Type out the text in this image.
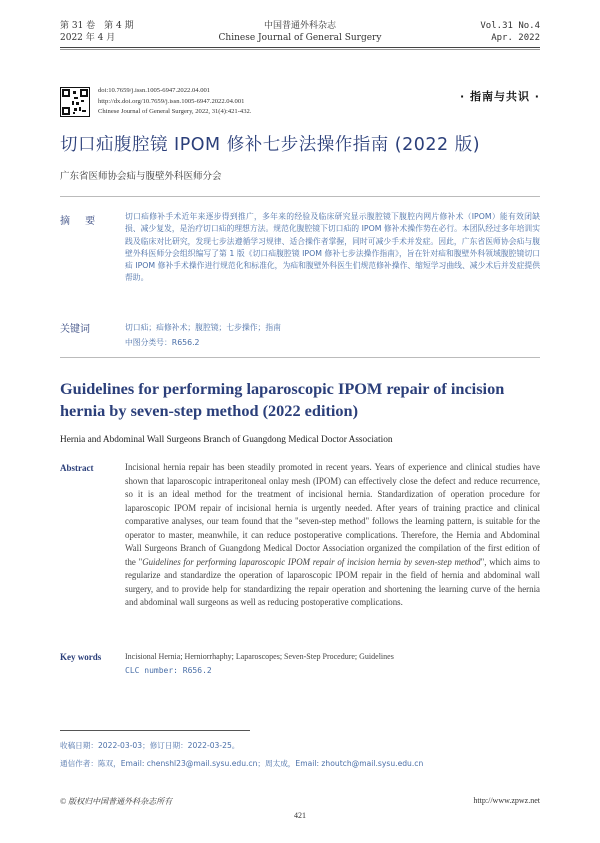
第 31 卷　第 4 期
2022 年 4 月
中国普通外科杂志
Chinese Journal of General Surgery
Vol.31 No.4
Apr. 2022
doi:10.7659/j.issn.1005-6947.2022.04.001
http://dx.doi.org/10.7659/j.issn.1005-6947.2022.04.001
Chinese Journal of General Surgery, 2022, 31(4):421-432.
· 指南与共识 ·
切口疝腹腔镜 IPOM 修补七步法操作指南 (2022 版)
广东省医师协会疝与腹壁外科医师分会
摘 要	切口疝修补手术近年来逐步得到推广，多年来的经验及临床研究显示腹腔镜下腹腔内网片修补术（IPOM）能有效闭缺损、减少复发，是治疗切口疝的理想方法。规范化腹腔镜下切口疝的 IPOM 修补术操作势在必行。本团队经过多年培训实践及临床对比研究，发现七步法遵循学习规律、适合操作者掌握，同时可减少手术并发症。因此，广东省医师协会疝与腹壁外科医师分会组织编写了第 1 版《切口疝腹腔镜 IPOM 修补七步法操作指南》，旨在针对疝和腹壁外科领域腹腔镜切口疝 IPOM 修补手术操作进行规范化和标准化，为疝和腹壁外科医生们规范修补操作、缩短学习曲线、减少术后并发症提供帮助。
关键词	切口疝；疝修补术；腹腔镜；七步操作；指南
中图分类号：R656.2
Guidelines for performing laparoscopic IPOM repair of incision hernia by seven-step method (2022 edition)
Hernia and Abdominal Wall Surgeons Branch of Guangdong Medical Doctor Association
Abstract	Incisional hernia repair has been steadily promoted in recent years. Years of experience and clinical studies have shown that laparoscopic intraperitoneal onlay mesh (IPOM) can effectively close the defect and reduce recurrence, so it is an ideal method for the treatment of incisional hernia. Standardization of operation procedure for laparoscopic IPOM repair of incisional hernia is urgently needed. After years of training practice and clinical comparative analyses, our team found that the "seven-step method" follows the learning pattern, is suitable for the operator to master, meanwhile, it can reduce postoperative complications. Therefore, the Hernia and Abdominal Wall Surgeons Branch of Guangdong Medical Doctor Association organized the compilation of the first edition of the "Guidelines for performing laparoscopic IPOM repair of incision hernia by seven-step method", which aims to regularize and standardize the operation of laparoscopic IPOM repair in the field of hernia and abdominal wall surgery, and to provide help for standardizing the repair operation and shortening the learning curve of the hernia and abdominal wall surgeons as well as reducing postoperative complications.
Key words	Incisional Hernia; Herniorrhaphy; Laparoscopes; Seven-Step Procedure; Guidelines
CLC number: R656.2
收稿日期：2022-03-03；修订日期：2022-03-25。
通信作者：陈双，Email: chenshl23@mail.sysu.edu.cn；周太成，Email: zhoutch@mail.sysu.edu.cn
© 版权归中国普通外科杂志所有	http://www.zpwz.net
421
